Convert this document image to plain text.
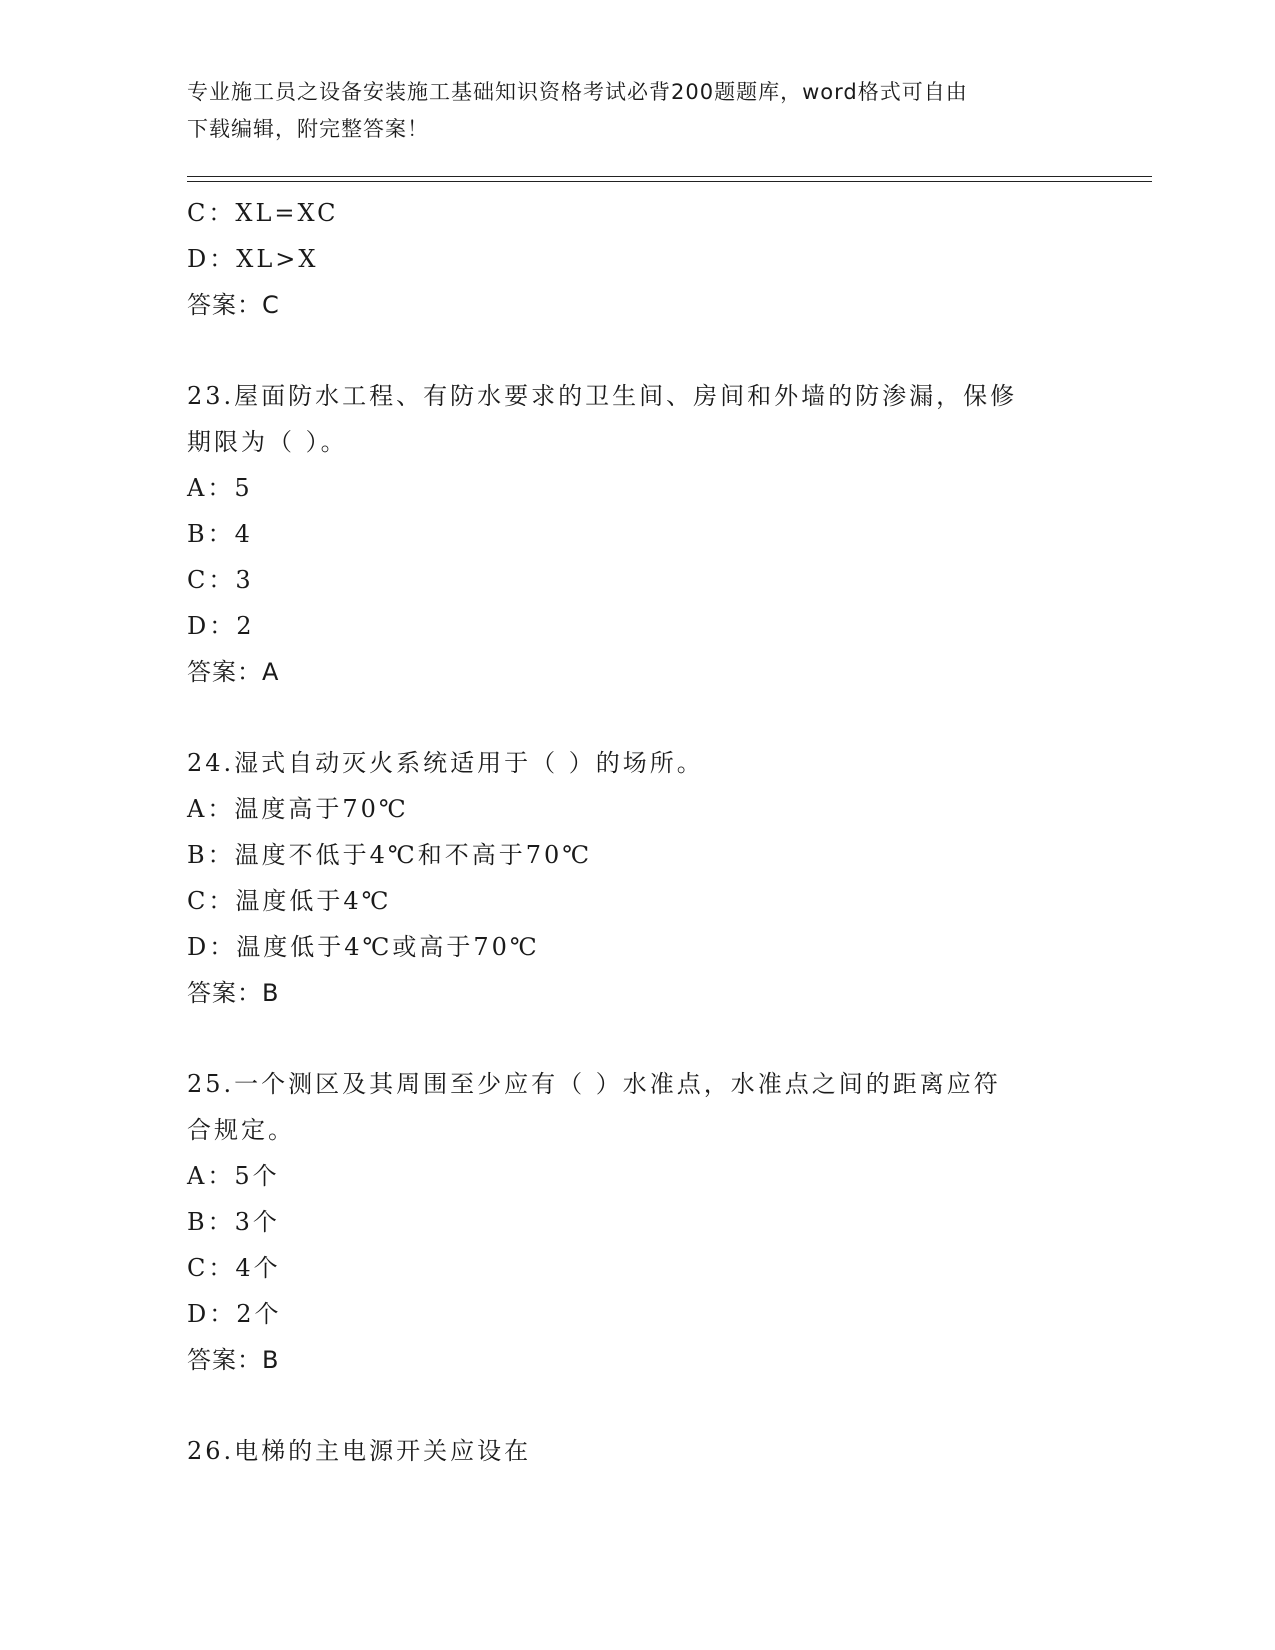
专业施工员之设备安装施工基础知识资格考试必背200题题库，word格式可自由
下载编辑，附完整答案！
C：XL=XC
D：XL>X
答案：C
23.屋面防水工程、有防水要求的卫生间、房间和外墙的防渗漏，保修
期限为（ ）。
A：5
B：4
C：3
D：2
答案：A
24.湿式自动灭火系统适用于（ ）的场所。
A：温度高于70℃
B：温度不低于4℃和不高于70℃
C：温度低于4℃
D：温度低于4℃或高于70℃
答案：B
25.一个测区及其周围至少应有（ ）水准点，水准点之间的距离应符
合规定。
A：5个
B：3个
C：4个
D：2个
答案：B
26.电梯的主电源开关应设在
